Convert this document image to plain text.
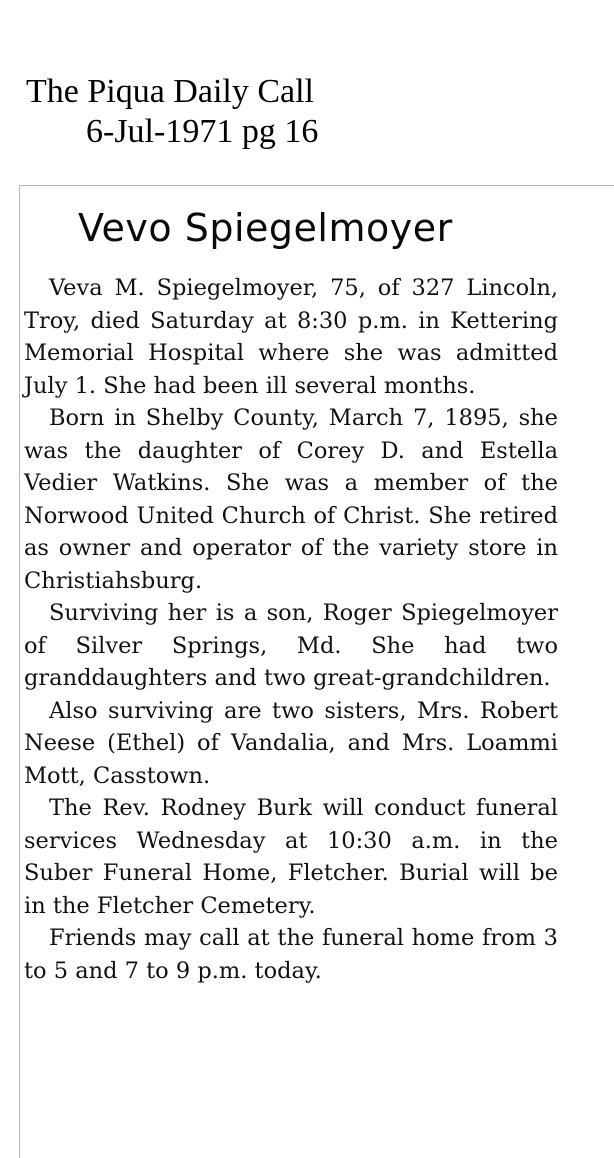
The Piqua Daily Call
6-Jul-1971 pg 16
Vevo Spiegelmoyer

Veva M. Spiegelmoyer, 75, of 327 Lincoln, Troy, died Saturday at 8:30 p.m. in Kettering Memorial Hospital where she was admitted July 1. She had been ill several months.

Born in Shelby County, March 7, 1895, she was the daughter of Corey D. and Estella Vedier Watkins. She was a member of the Norwood United Church of Christ. She retired as owner and operator of the variety store in Christiahsburg.

Surviving her is a son, Roger Spiegelmoyer of Silver Springs, Md. She had two granddaughters and two great-grandchildren.

Also surviving are two sisters, Mrs. Robert Neese (Ethel) of Vandalia, and Mrs. Loammi Mott, Casstown.

The Rev. Rodney Burk will conduct funeral services Wednesday at 10:30 a.m. in the Suber Funeral Home, Fletcher. Burial will be in the Fletcher Cemetery.

Friends may call at the funeral home from 3 to 5 and 7 to 9 p.m. today.
